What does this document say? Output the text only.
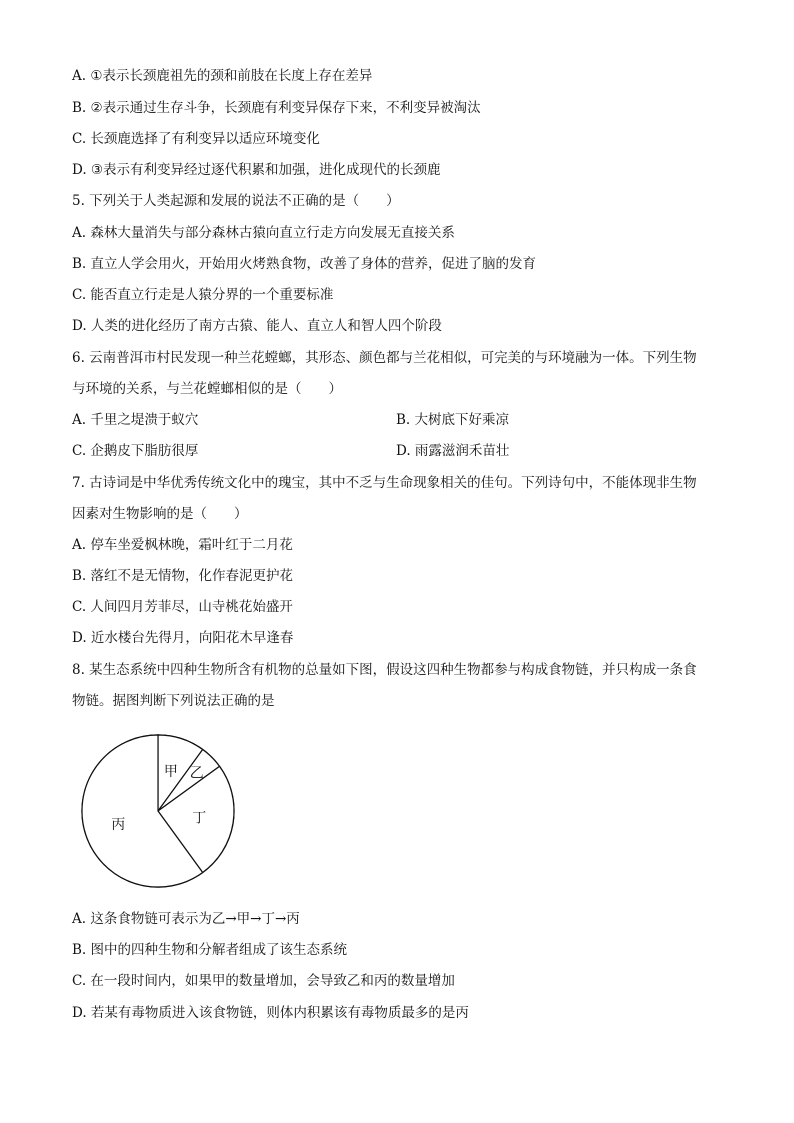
A. ①表示长颈鹿祖先的颈和前肢在长度上存在差异
B. ②表示通过生存斗争，长颈鹿有利变异保存下来，不利变异被淘汰
C. 长颈鹿选择了有利变异以适应环境变化
D. ③表示有利变异经过逐代积累和加强，进化成现代的长颈鹿
5. 下列关于人类起源和发展的说法不正确的是（　　）
A. 森林大量消失与部分森林古猿向直立行走方向发展无直接关系
B. 直立人学会用火，开始用火烤熟食物，改善了身体的营养，促进了脑的发育
C. 能否直立行走是人猿分界的一个重要标准
D. 人类的进化经历了南方古猿、能人、直立人和智人四个阶段
6. 云南普洱市村民发现一种兰花螳螂，其形态、颜色都与兰花相似，可完美的与环境融为一体。下列生物
与环境的关系，与兰花螳螂相似的是（　　）
A. 千里之堤溃于蚁穴	B. 大树底下好乘凉
C. 企鹅皮下脂肪很厚	D. 雨露滋润禾苗壮
7. 古诗词是中华优秀传统文化中的瑰宝，其中不乏与生命现象相关的佳句。下列诗句中，不能体现非生物
因素对生物影响的是（　　）
A. 停车坐爱枫林晚，霜叶红于二月花
B. 落红不是无情物，化作春泥更护花
C. 人间四月芳菲尽，山寺桃花始盛开
D. 近水楼台先得月，向阳花木早逢春
8. 某生态系统中四种生物所含有机物的总量如下图，假设这四种生物都参与构成食物链，并只构成一条食
物链。据图判断下列说法正确的是
甲 乙
丁
丙
A. 这条食物链可表示为乙→甲→丁→丙
B. 图中的四种生物和分解者组成了该生态系统
C. 在一段时间内，如果甲的数量增加，会导致乙和丙的数量增加
D. 若某有毒物质进入该食物链，则体内积累该有毒物质最多的是丙
